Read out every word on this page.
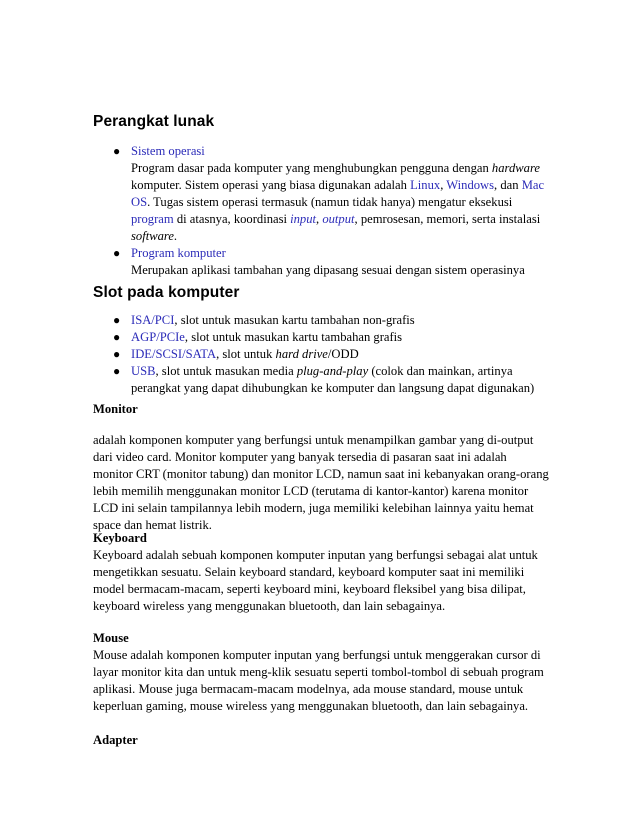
Perangkat lunak
● Sistem operasi
Program dasar pada komputer yang menghubungkan pengguna dengan hardware komputer. Sistem operasi yang biasa digunakan adalah Linux, Windows, dan Mac OS. Tugas sistem operasi termasuk (namun tidak hanya) mengatur eksekusi program di atasnya, koordinasi input, output, pemrosesan, memori, serta instalasi software.
● Program komputer
Merupakan aplikasi tambahan yang dipasang sesuai dengan sistem operasinya
Slot pada komputer
● ISA/PCI, slot untuk masukan kartu tambahan non-grafis
● AGP/PCIe, slot untuk masukan kartu tambahan grafis
● IDE/SCSI/SATA, slot untuk hard drive/ODD
● USB, slot untuk masukan media plug-and-play (colok dan mainkan, artinya perangkat yang dapat dihubungkan ke komputer dan langsung dapat digunakan)
Monitor
adalah komponen komputer yang berfungsi untuk menampilkan gambar yang di-output dari video card. Monitor komputer yang banyak tersedia di pasaran saat ini adalah monitor CRT (monitor tabung) dan monitor LCD, namun saat ini kebanyakan orang-orang lebih memilih menggunakan monitor LCD (terutama di kantor-kantor) karena monitor LCD ini selain tampilannya lebih modern, juga memiliki kelebihan lainnya yaitu hemat space dan hemat listrik.
Keyboard
Keyboard adalah sebuah komponen komputer inputan yang berfungsi sebagai alat untuk mengetikkan sesuatu. Selain keyboard standard, keyboard komputer saat ini memiliki model bermacam-macam, seperti keyboard mini, keyboard fleksibel yang bisa dilipat, keyboard wireless yang menggunakan bluetooth, dan lain sebagainya.
Mouse
Mouse adalah komponen komputer inputan yang berfungsi untuk menggerakan cursor di layar monitor kita dan untuk meng-klik sesuatu seperti tombol-tombol di sebuah program aplikasi. Mouse juga bermacam-macam modelnya, ada mouse standard, mouse untuk keperluan gaming, mouse wireless yang menggunakan bluetooth, dan lain sebagainya.
Adapter
